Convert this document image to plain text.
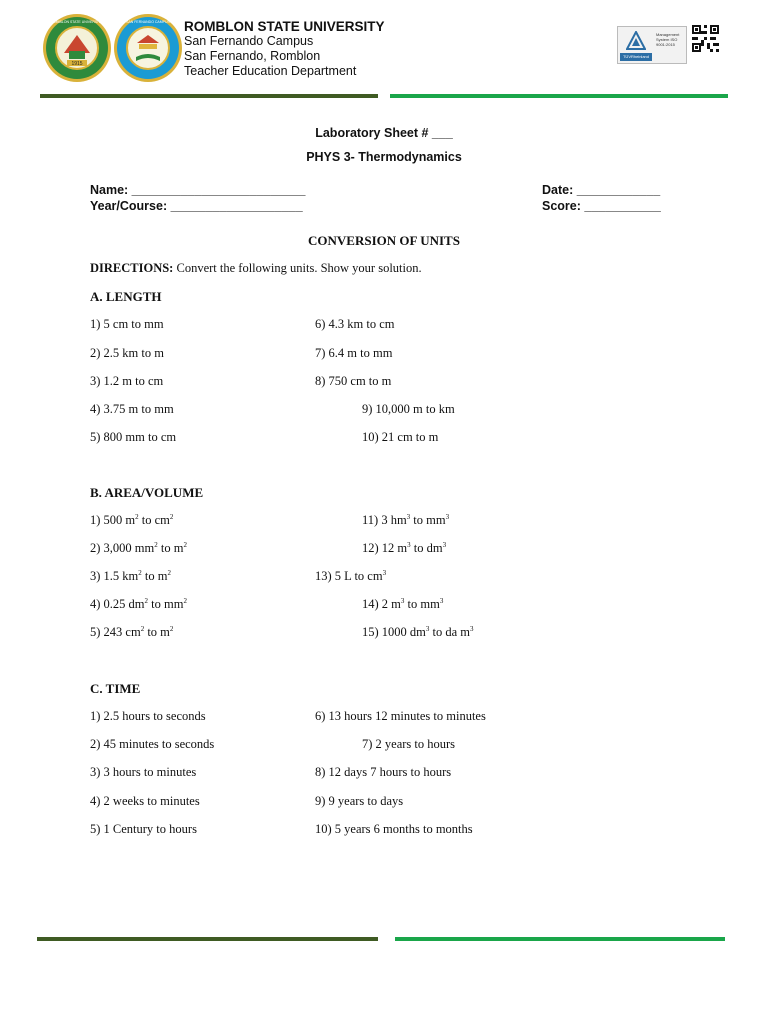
1915
ROMBLON STATE UNIVERSITY	SAN FERNANDO CAMPUS ROMBLON STATE UNIVERSITY
San Fernando Campus
San Fernando, Romblon
Teacher Education Department
TÜVRheinland
Management System ISO 9001:2015
Laboratory Sheet # ___
PHYS 3- Thermodynamics
Name: _________________________
Year/Course: ___________________
Date: ____________
Score: ___________
CONVERSION OF UNITS
DIRECTIONS: Convert the following units. Show your solution.
A. LENGTH
1) 5 cm to mm
2) 2.5 km to m
3) 1.2 m to cm
4) 3.75 m to mm
5) 800 mm to cm
6) 4.3 km to cm
7) 6.4 m to mm
8) 750 cm to m
9) 10,000 m to km
10) 21 cm to m
B. AREA/VOLUME
1) 500 $m^2$ to $cm^2$
2) 3,000 $mm^2$ to $m^2$
3) 1.5 $km^2$ to $m^2$
4) 0.25 $dm^2$ to $mm^2$
5) 243 $cm^2$ to $m^2$
11) 3 $hm^3$ to $mm^3$
12) 12 $m^3$ to $dm^3$
13) 5 L to $cm^3$
14) 2 $m^3$ to $mm^3$
15) 1000 $dm^3$ to da $m^3$
C. TIME
1) 2.5 hours to seconds
2) 45 minutes to seconds
3) 3 hours to minutes
4) 2 weeks to minutes
5) 1 Century to hours
6) 13 hours 12 minutes to minutes
7) 2 years to hours
8) 12 days 7 hours to hours
9) 9 years to days
10) 5 years 6 months to months
